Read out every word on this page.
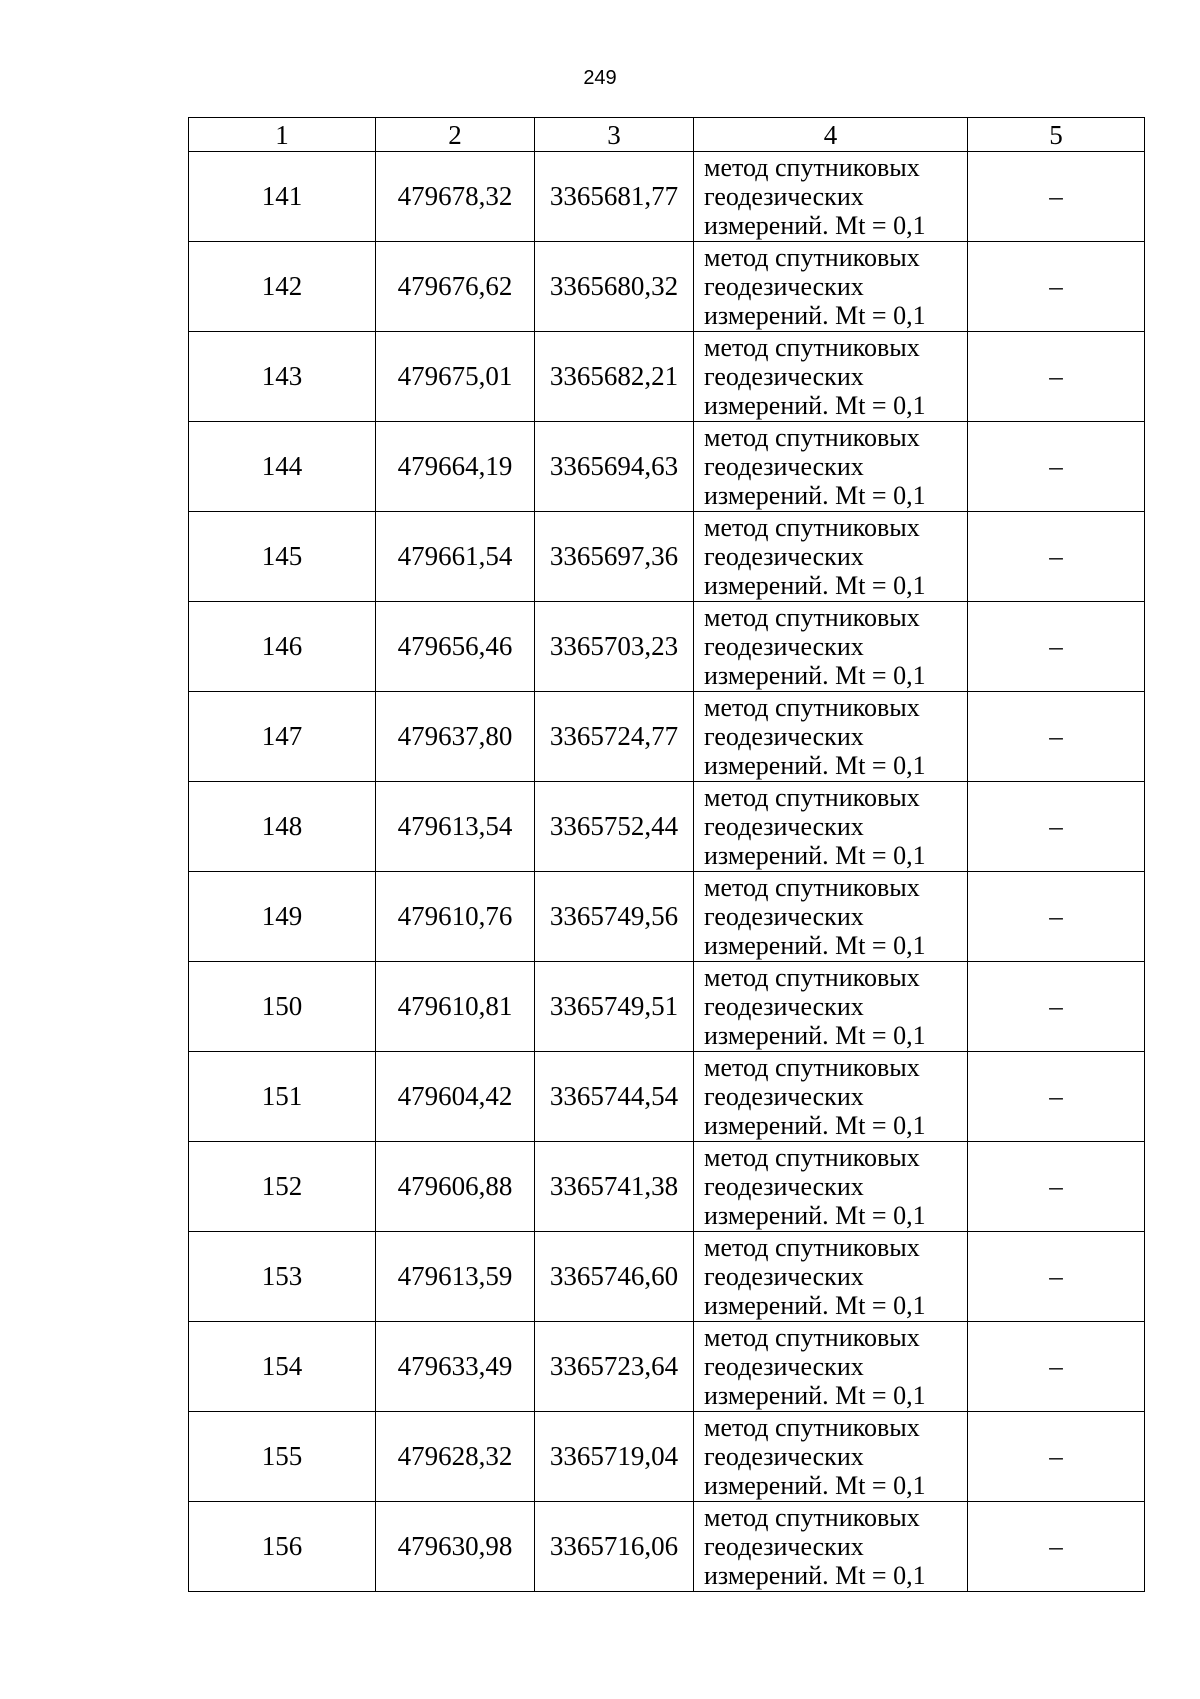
249
1	2	3	4	5
141	479678,32	3365681,77	метод спутниковых
геодезических
измерений. Mt = 0,1	–
142	479676,62	3365680,32	метод спутниковых
геодезических
измерений. Mt = 0,1	–
143	479675,01	3365682,21	метод спутниковых
геодезических
измерений. Mt = 0,1	–
144	479664,19	3365694,63	метод спутниковых
геодезических
измерений. Mt = 0,1	–
145	479661,54	3365697,36	метод спутниковых
геодезических
измерений. Mt = 0,1	–
146	479656,46	3365703,23	метод спутниковых
геодезических
измерений. Mt = 0,1	–
147	479637,80	3365724,77	метод спутниковых
геодезических
измерений. Mt = 0,1	–
148	479613,54	3365752,44	метод спутниковых
геодезических
измерений. Mt = 0,1	–
149	479610,76	3365749,56	метод спутниковых
геодезических
измерений. Mt = 0,1	–
150	479610,81	3365749,51	метод спутниковых
геодезических
измерений. Mt = 0,1	–
151	479604,42	3365744,54	метод спутниковых
геодезических
измерений. Mt = 0,1	–
152	479606,88	3365741,38	метод спутниковых
геодезических
измерений. Mt = 0,1	–
153	479613,59	3365746,60	метод спутниковых
геодезических
измерений. Mt = 0,1	–
154	479633,49	3365723,64	метод спутниковых
геодезических
измерений. Mt = 0,1	–
155	479628,32	3365719,04	метод спутниковых
геодезических
измерений. Mt = 0,1	–
156	479630,98	3365716,06	метод спутниковых
геодезических
измерений. Mt = 0,1	–
